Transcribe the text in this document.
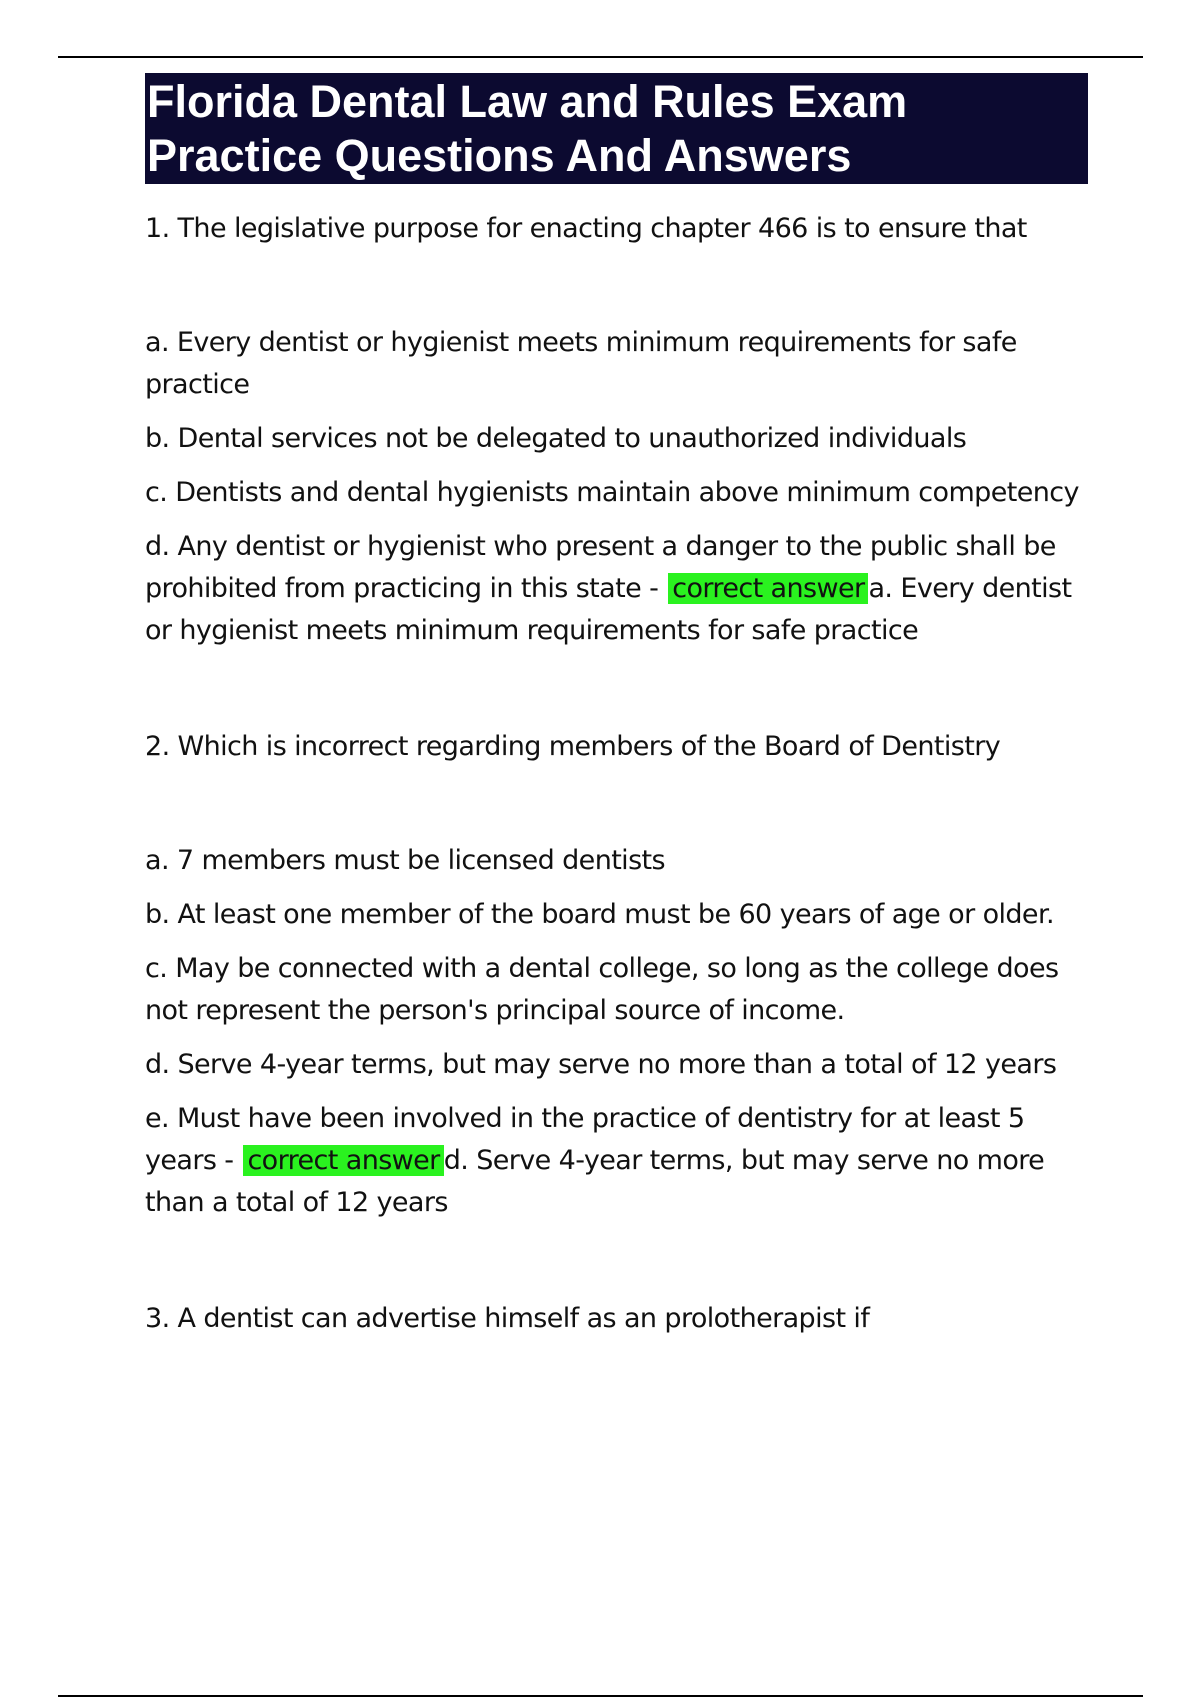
Florida Dental Law and Rules Exam
Practice Questions And Answers

1. The legislative purpose for enacting chapter 466 is to ensure that

a. Every dentist or hygienist meets minimum requirements for safe practice

b. Dental services not be delegated to unauthorized individuals

c. Dentists and dental hygienists maintain above minimum competency

d. Any dentist or hygienist who present a danger to the public shall be prohibited from practicing in this state - correct answer a. Every dentist or hygienist meets minimum requirements for safe practice

2. Which is incorrect regarding members of the Board of Dentistry

a. 7 members must be licensed dentists

b. At least one member of the board must be 60 years of age or older.

c. May be connected with a dental college, so long as the college does not represent the person's principal source of income.

d. Serve 4-year terms, but may serve no more than a total of 12 years

e. Must have been involved in the practice of dentistry for at least 5 years - correct answer d. Serve 4-year terms, but may serve no more than a total of 12 years

3. A dentist can advertise himself as an prolotherapist if
